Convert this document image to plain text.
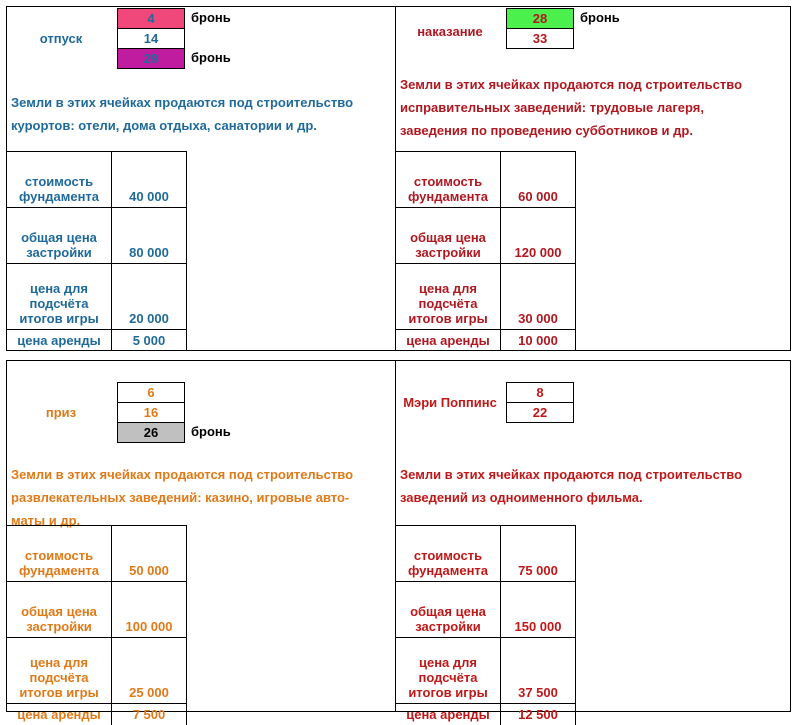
отпуск
4	бронь
14
29	бронь
Земли в этих ячейках продаются под строительство курортов: отели, дома отдыха, санатории и др.
стоимость фундамента	40 000
общая цена застройки	80 000
цена для подсчёта итогов игры	20 000
цена аренды	5 000
наказание
28	бронь
33
Земли в этих ячейках продаются под строительство исправительных заведений: трудовые лагеря, заведения по проведению субботников и др.
стоимость фундамента	60 000
общая цена застройки	120 000
цена для подсчёта итогов игры	30 000
цена аренды	10 000
приз
6
16
26	бронь
Земли в этих ячейках продаются под строительство развлекательных заведений: казино, игровые авто-маты и др.
стоимость фундамента	50 000
общая цена застройки	100 000
цена для подсчёта итогов игры	25 000
цена аренды	7 500
Мэри Поппинс
8
22
Земли в этих ячейках продаются под строительство заведений из одноименного фильма.
стоимость фундамента	75 000
общая цена застройки	150 000
цена для подсчёта итогов игры	37 500
цена аренды	12 500
